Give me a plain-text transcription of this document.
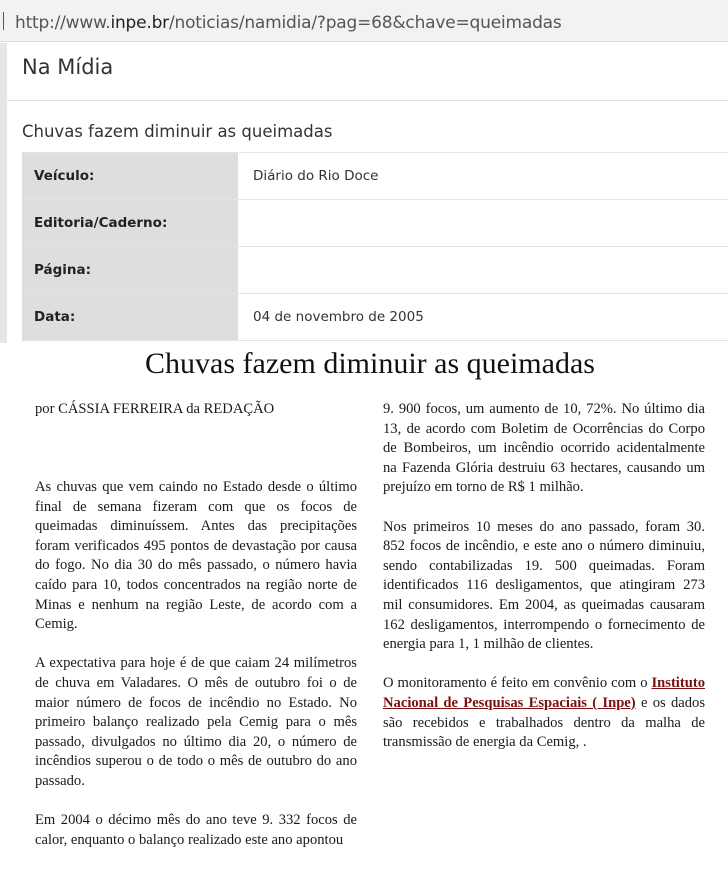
http://www.inpe.br/noticias/namidia/?pag=68&chave=queimadas
Na Mídia
Chuvas fazem diminuir as queimadas
Veículo:	Diário do Rio Doce
Editoria/Caderno:	
Página:	
Data:	04 de novembro de 2005
Chuvas fazem diminuir as queimadas
por CÁSSIA FERREIRA da REDAÇÃO

As chuvas que vem caindo no Estado desde o último final de semana fizeram com que os focos de queimadas diminuíssem. Antes das precipitações foram verificados 495 pontos de devastação por causa do fogo. No dia 30 do mês passado, o número havia caído para 10, todos concentrados na região norte de Minas e nenhum na região Leste, de acordo com a Cemig.

A expectativa para hoje é de que caiam 24 milímetros de chuva em Valadares. O mês de outubro foi o de maior número de focos de incêndio no Estado. No primeiro balanço realizado pela Cemig para o mês passado, divulgados no último dia 20, o número de incêndios superou o de todo o mês de outubro do ano passado.

Em 2004 o décimo mês do ano teve 9. 332 focos de calor, enquanto o balanço realizado este ano apontou

9. 900 focos, um aumento de 10, 72%. No último dia 13, de acordo com Boletim de Ocorrências do Corpo de Bombeiros, um incêndio ocorrido acidentalmente na Fazenda Glória destruiu 63 hectares, causando um prejuízo em torno de R$ 1 milhão.

Nos primeiros 10 meses do ano passado, foram 30. 852 focos de incêndio, e este ano o número diminuiu, sendo contabilizadas 19. 500 queimadas. Foram identificados 116 desligamentos, que atingiram 273 mil consumidores. Em 2004, as queimadas causaram 162 desligamentos, interrompendo o fornecimento de energia para 1, 1 milhão de clientes.

O monitoramento é feito em convênio com o Instituto Nacional de Pesquisas Espaciais ( Inpe) e os dados são recebidos e trabalhados dentro da malha de transmissão de energia da Cemig, .
